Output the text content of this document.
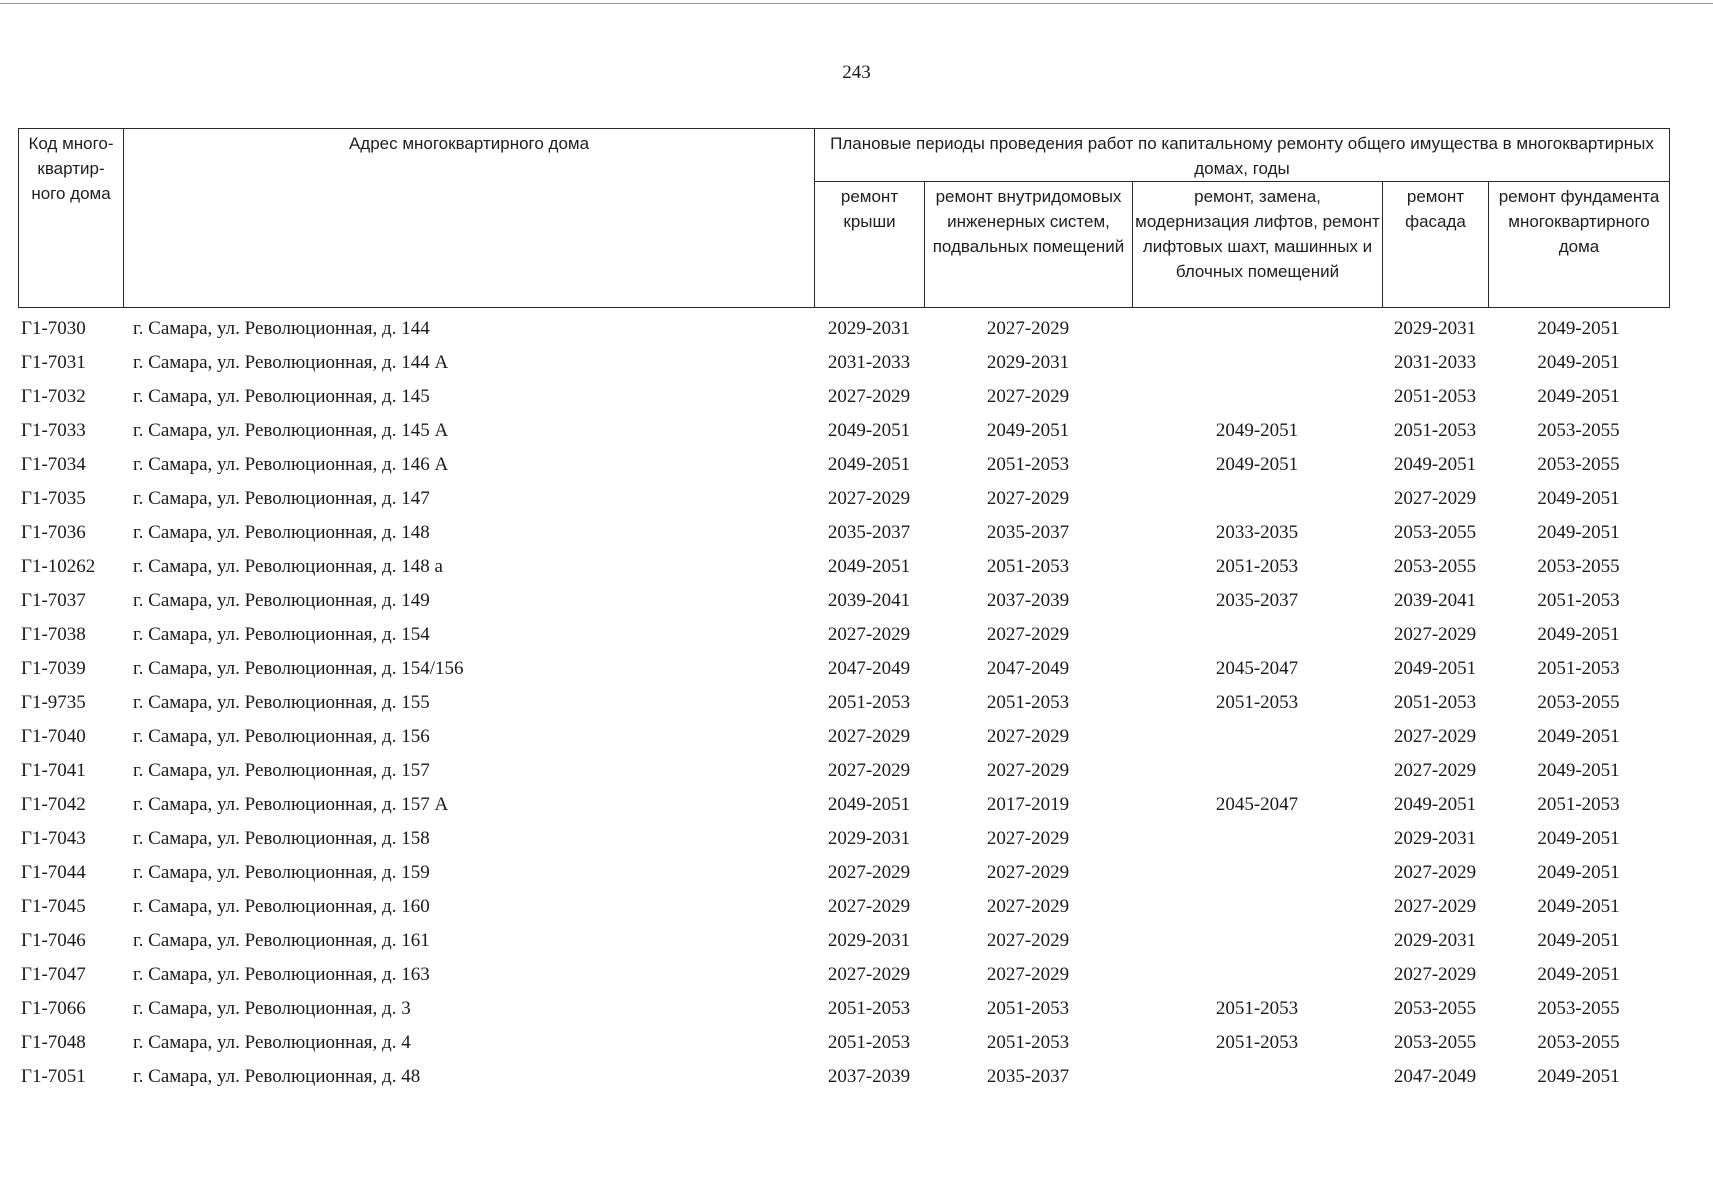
243
Код много-квартир-ного дома	Адрес многоквартирного дома	Плановые периоды проведения работ по капитальному ремонту общего имущества в многоквартирных домах, годы				
		ремонт крыши	ремонт внутридомовых инженерных систем, подвальных помещений	ремонт, замена, модернизация лифтов, ремонт лифтовых шахт, машинных и блочных помещений	ремонт фасада	ремонт фундамента многоквартирного дома
Г1-7030	г. Самара, ул. Революционная, д. 144	2029-2031	2027-2029		2029-2031	2049-2051
Г1-7031	г. Самара, ул. Революционная, д. 144 А	2031-2033	2029-2031		2031-2033	2049-2051
Г1-7032	г. Самара, ул. Революционная, д. 145	2027-2029	2027-2029		2051-2053	2049-2051
Г1-7033	г. Самара, ул. Революционная, д. 145 А	2049-2051	2049-2051	2049-2051	2051-2053	2053-2055
Г1-7034	г. Самара, ул. Революционная, д. 146 А	2049-2051	2051-2053	2049-2051	2049-2051	2053-2055
Г1-7035	г. Самара, ул. Революционная, д. 147	2027-2029	2027-2029		2027-2029	2049-2051
Г1-7036	г. Самара, ул. Революционная, д. 148	2035-2037	2035-2037	2033-2035	2053-2055	2049-2051
Г1-10262	г. Самара, ул. Революционная, д. 148 а	2049-2051	2051-2053	2051-2053	2053-2055	2053-2055
Г1-7037	г. Самара, ул. Революционная, д. 149	2039-2041	2037-2039	2035-2037	2039-2041	2051-2053
Г1-7038	г. Самара, ул. Революционная, д. 154	2027-2029	2027-2029		2027-2029	2049-2051
Г1-7039	г. Самара, ул. Революционная, д. 154/156	2047-2049	2047-2049	2045-2047	2049-2051	2051-2053
Г1-9735	г. Самара, ул. Революционная, д. 155	2051-2053	2051-2053	2051-2053	2051-2053	2053-2055
Г1-7040	г. Самара, ул. Революционная, д. 156	2027-2029	2027-2029		2027-2029	2049-2051
Г1-7041	г. Самара, ул. Революционная, д. 157	2027-2029	2027-2029		2027-2029	2049-2051
Г1-7042	г. Самара, ул. Революционная, д. 157 А	2049-2051	2017-2019	2045-2047	2049-2051	2051-2053
Г1-7043	г. Самара, ул. Революционная, д. 158	2029-2031	2027-2029		2029-2031	2049-2051
Г1-7044	г. Самара, ул. Революционная, д. 159	2027-2029	2027-2029		2027-2029	2049-2051
Г1-7045	г. Самара, ул. Революционная, д. 160	2027-2029	2027-2029		2027-2029	2049-2051
Г1-7046	г. Самара, ул. Революционная, д. 161	2029-2031	2027-2029		2029-2031	2049-2051
Г1-7047	г. Самара, ул. Революционная, д. 163	2027-2029	2027-2029		2027-2029	2049-2051
Г1-7066	г. Самара, ул. Революционная, д. 3	2051-2053	2051-2053	2051-2053	2053-2055	2053-2055
Г1-7048	г. Самара, ул. Революционная, д. 4	2051-2053	2051-2053	2051-2053	2053-2055	2053-2055
Г1-7051	г. Самара, ул. Революционная, д. 48	2037-2039	2035-2037		2047-2049	2049-2051
